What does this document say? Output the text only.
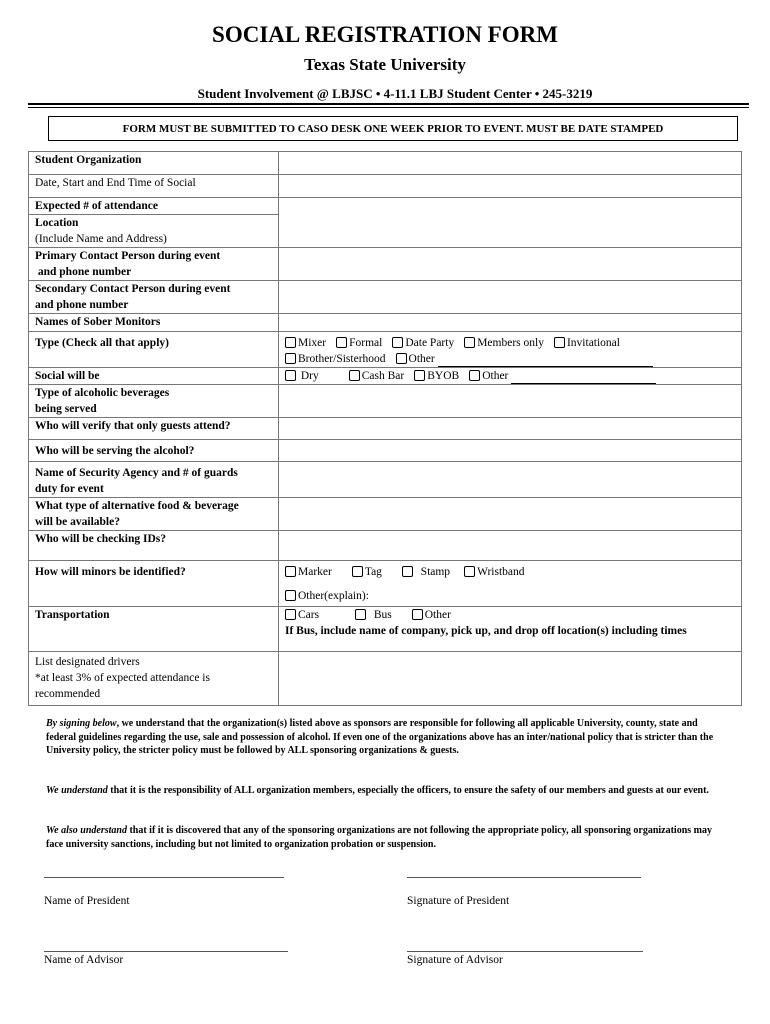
SOCIAL REGISTRATION FORM
Texas State University
Student Involvement @ LBJSC • 4-11.1 LBJ Student Center • 245-3219
FORM MUST BE SUBMITTED TO CASO DESK ONE WEEK PRIOR TO EVENT. MUST BE DATE STAMPED
Student Organization	
Date, Start and End Time of Social	
Expected # of attendance	
Location
(Include Name and Address)	
Primary Contact Person during event
and phone number	
Secondary Contact Person during event
and phone number	
Names of Sober Monitors	
Type (Check all that apply)	Mixer Formal Date Party Members only Invitational
Brother/Sisterhood Other
Social will be	Dry Cash Bar BYOB Other
Type of alcoholic beverages
being served	
Who will verify that only guests attend?	
Who will be serving the alcohol?	
Name of Security Agency and # of guards
duty for event	
What type of alternative food & beverage
will be available?	
Who will be checking IDs?	
How will minors be identified?	Marker Tag Stamp Wristband

Other(explain):
Transportation	Cars Bus Other
If Bus, include name of company, pick up, and drop off location(s) including times
List designated drivers
*at least 3% of expected attendance is
recommended	
By signing below, we understand that the organization(s) listed above as sponsors are responsible for following all applicable University, county, state and federal guidelines regarding the use, sale and possession of alcohol. If even one of the organizations above has an inter/national policy that is stricter than the University policy, the stricter policy must be followed by ALL sponsoring organizations & guests.
We understand that it is the responsibility of ALL organization members, especially the officers, to ensure the safety of our members and guests at our event.
We also understand that if it is discovered that any of the sponsoring organizations are not following the appropriate policy, all sponsoring organizations may face university sanctions, including but not limited to organization probation or suspension.
Name of President	Signature of President
Name of Advisor	Signature of Advisor
